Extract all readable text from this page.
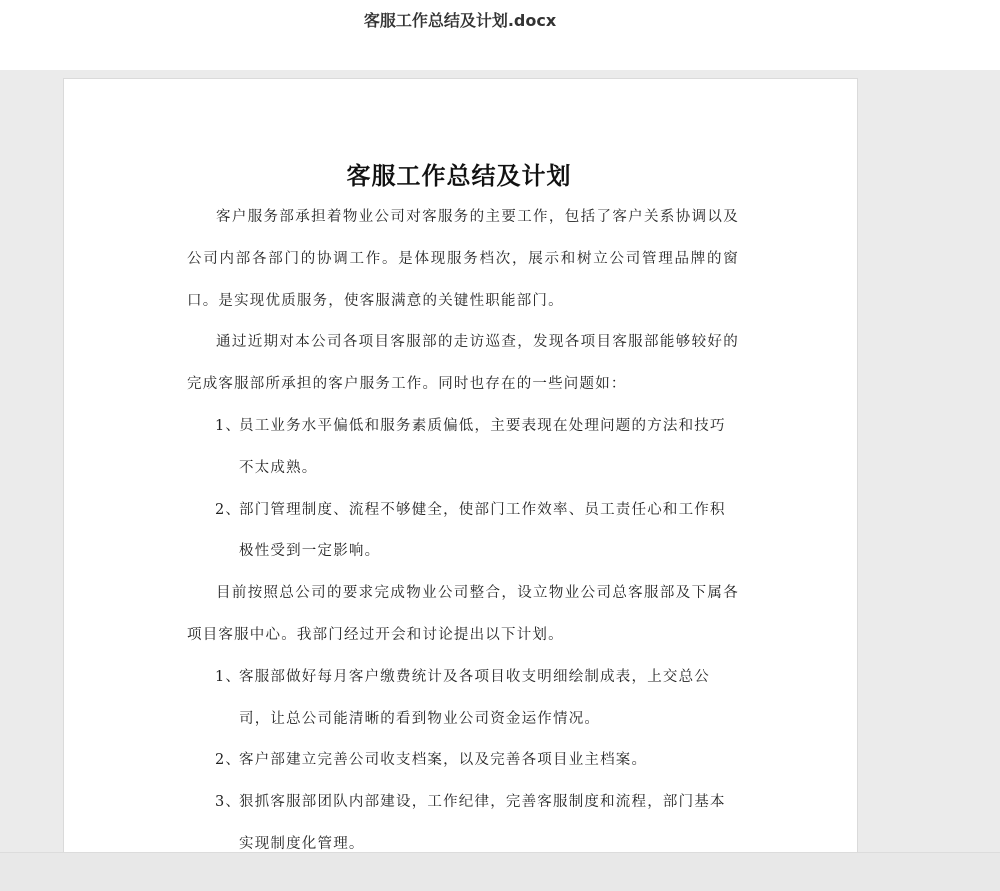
客服工作总结及计划.docx
客服工作总结及计划

客户服务部承担着物业公司对客服务的主要工作，包括了客户关系协调以及公司内部各部门的协调工作。是体现服务档次，展示和树立公司管理品牌的窗口。是实现优质服务，使客服满意的关键性职能部门。

通过近期对本公司各项目客服部的走访巡查，发现各项目客服部能够较好的完成客服部所承担的客户服务工作。同时也存在的一些问题如：

1、
员工业务水平偏低和服务素质偏低，主要表现在处理问题的方法和技巧不太成熟。
2、
部门管理制度、流程不够健全，使部门工作效率、员工责任心和工作积极性受到一定影响。

目前按照总公司的要求完成物业公司整合，设立物业公司总客服部及下属各项目客服中心。我部门经过开会和讨论提出以下计划。

1、
客服部做好每月客户缴费统计及各项目收支明细绘制成表，上交总公司，让总公司能清晰的看到物业公司资金运作情况。
2、
客户部建立完善公司收支档案，以及完善各项目业主档案。
3、
狠抓客服部团队内部建设，工作纪律，完善客服制度和流程，部门基本实现制度化管理。
